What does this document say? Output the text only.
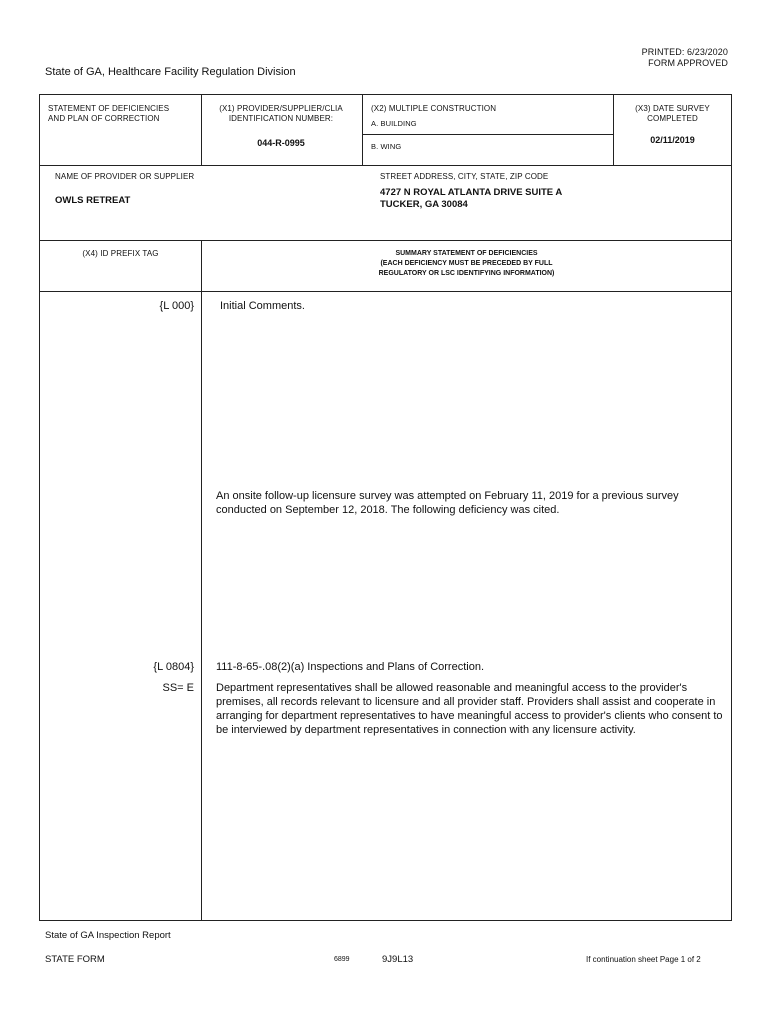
PRINTED: 6/23/2020
FORM APPROVED
State of GA, Healthcare Facility Regulation Division
STATEMENT OF DEFICIENCIES
AND PLAN OF CORRECTION
(X1) PROVIDER/SUPPLIER/CLIA
IDENTIFICATION NUMBER:
044-R-0995
(X2) MULTIPLE CONSTRUCTION
A. BUILDING
B. WING
(X3) DATE SURVEY
COMPLETED
02/11/2019
NAME OF PROVIDER OR SUPPLIER
OWLS RETREAT
STREET ADDRESS, CITY, STATE, ZIP CODE
4727 N ROYAL ATLANTA DRIVE SUITE A
TUCKER, GA 30084
(X4) ID PREFIX TAG	SUMMARY STATEMENT OF DEFICIENCIES
(EACH DEFICIENCY MUST BE PRECEDED BY FULL
REGULATORY OR LSC IDENTIFYING INFORMATION)
{L 000} Initial Comments.
An onsite follow-up licensure survey was attempted on February 11, 2019 for a previous survey conducted on September 12, 2018. The following deficiency was cited.
{L 0804}
SS= E
111-8-65-.08(2)(a) Inspections and Plans of Correction.
Department representatives shall be allowed reasonable and meaningful access to the provider's premises, all records relevant to licensure and all provider staff. Providers shall assist and cooperate in arranging for department representatives to have meaningful access to provider's clients who consent to be interviewed by department representatives in connection with any licensure activity.
State of GA Inspection Report
STATE FORM	6899	9J9L13	If continuation sheet Page 1 of 2
